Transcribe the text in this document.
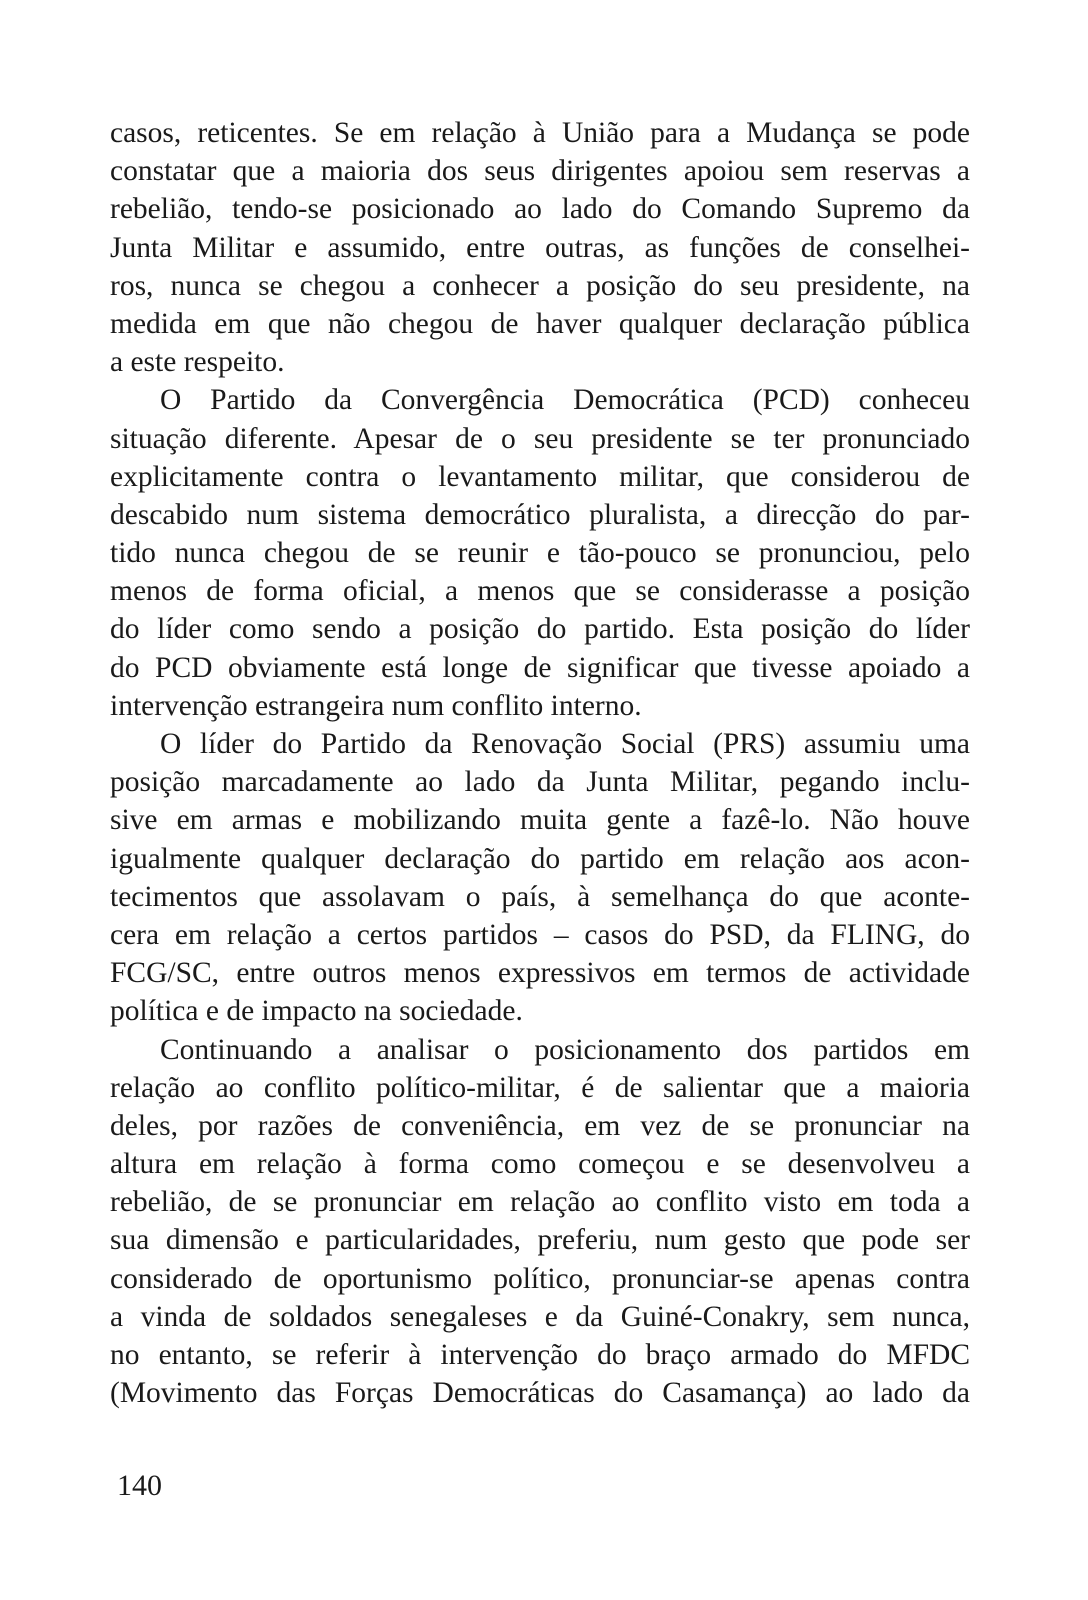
casos, reticentes. Se em relação à União para a Mudança se pode
constatar que a maioria dos seus dirigentes apoiou sem reservas a
rebelião, tendo-se posicionado ao lado do Comando Supremo da
Junta Militar e assumido, entre outras, as funções de conselhei-
ros, nunca se chegou a conhecer a posição do seu presidente, na
medida em que não chegou de haver qualquer declaração pública
a este respeito.
O Partido da Convergência Democrática (PCD) conheceu
situação diferente. Apesar de o seu presidente se ter pronunciado
explicitamente contra o levantamento militar, que considerou de
descabido num sistema democrático pluralista, a direcção do par-
tido nunca chegou de se reunir e tão-pouco se pronunciou, pelo
menos de forma oficial, a menos que se considerasse a posição
do líder como sendo a posição do partido. Esta posição do líder
do PCD obviamente está longe de significar que tivesse apoiado a
intervenção estrangeira num conflito interno.
O líder do Partido da Renovação Social (PRS) assumiu uma
posição marcadamente ao lado da Junta Militar, pegando inclu-
sive em armas e mobilizando muita gente a fazê-lo. Não houve
igualmente qualquer declaração do partido em relação aos acon-
tecimentos que assolavam o país, à semelhança do que aconte-
cera em relação a certos partidos – casos do PSD, da FLING, do
FCG/SC, entre outros menos expressivos em termos de actividade
política e de impacto na sociedade.
Continuando a analisar o posicionamento dos partidos em
relação ao conflito político-militar, é de salientar que a maioria
deles, por razões de conveniência, em vez de se pronunciar na
altura em relação à forma como começou e se desenvolveu a
rebelião, de se pronunciar em relação ao conflito visto em toda a
sua dimensão e particularidades, preferiu, num gesto que pode ser
considerado de oportunismo político, pronunciar-se apenas contra
a vinda de soldados senegaleses e da Guiné-Conakry, sem nunca,
no entanto, se referir à intervenção do braço armado do MFDC
(Movimento das Forças Democráticas do Casamança) ao lado da
140
